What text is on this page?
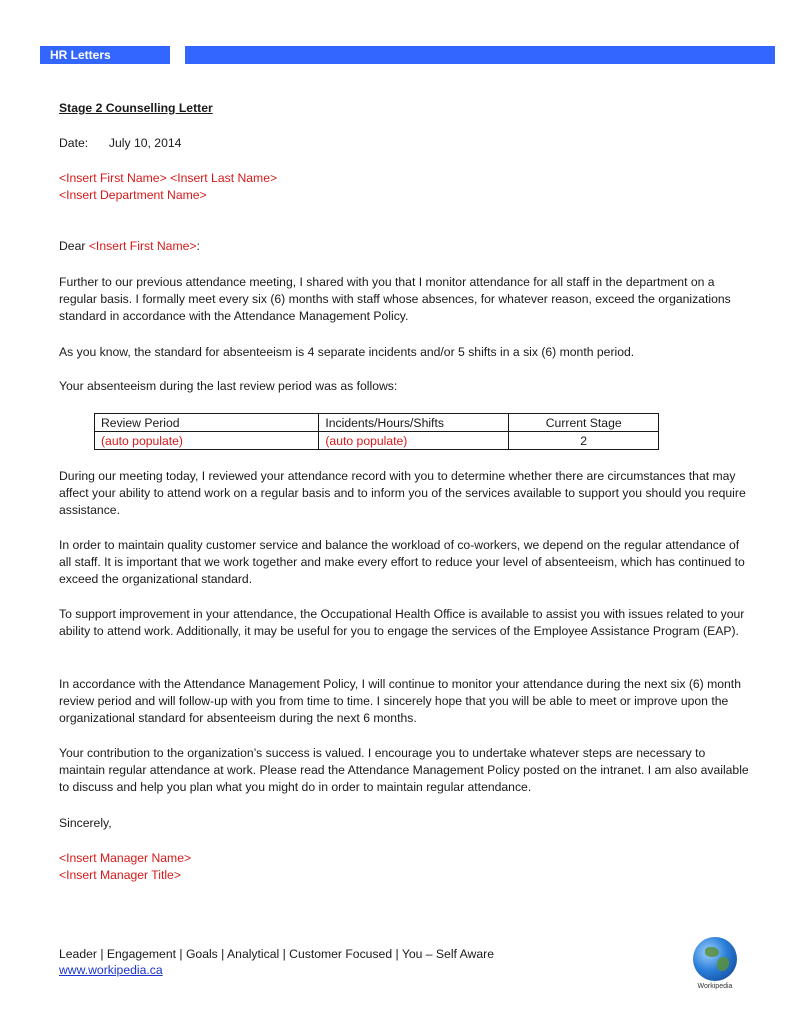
HR Letters
Stage 2 Counselling Letter
Date: July 10, 2014
<Insert First Name> <Insert Last Name>
<Insert Department Name>
Dear <Insert First Name>:
Further to our previous attendance meeting, I shared with you that I monitor attendance for all staff in the department on a regular basis. I formally meet every six (6) months with staff whose absences, for whatever reason, exceed the organizations standard in accordance with the Attendance Management Policy.
As you know, the standard for absenteeism is 4 separate incidents and/or 5 shifts in a six (6) month period.
Your absenteeism during the last review period was as follows:
During our meeting today, I reviewed your attendance record with you to determine whether there are circumstances that may affect your ability to attend work on a regular basis and to inform you of the services available to support you should you require assistance.
In order to maintain quality customer service and balance the workload of co-workers, we depend on the regular attendance of all staff. It is important that we work together and make every effort to reduce your level of absenteeism, which has continued to exceed the organizational standard.
To support improvement in your attendance, the Occupational Health Office is available to assist you with issues related to your ability to attend work. Additionally, it may be useful for you to engage the services of the Employee Assistance Program (EAP).
In accordance with the Attendance Management Policy, I will continue to monitor your attendance during the next six (6) month review period and will follow-up with you from time to time. I sincerely hope that you will be able to meet or improve upon the organizational standard for absenteeism during the next 6 months.
Your contribution to the organization’s success is valued. I encourage you to undertake whatever steps are necessary to maintain regular attendance at work. Please read the Attendance Management Policy posted on the intranet. I am also available to discuss and help you plan what you might do in order to maintain regular attendance.
Sincerely,
<Insert Manager Name>
<Insert Manager Title>
Review Period	Incidents/Hours/Shifts	Current Stage
(auto populate)	(auto populate)	2
Leader | Engagement | Goals | Analytical | Customer Focused | You – Self Aware
www.workipedia.ca
Workipedia
